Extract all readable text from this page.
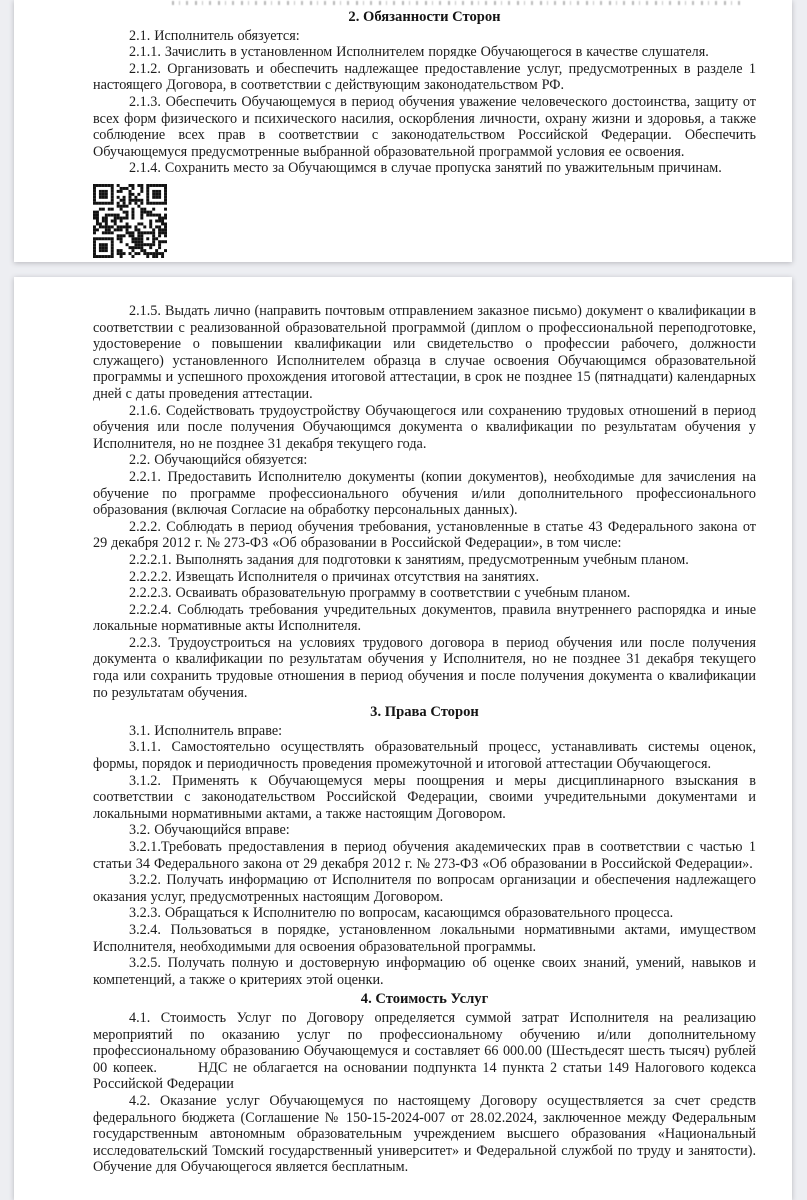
2. Обязанности Сторон

2.1. Исполнитель обязуется:

2.1.1. Зачислить в установленном Исполнителем порядке Обучающегося в качестве слушателя.

2.1.2. Организовать и обеспечить надлежащее предоставление услуг, предусмотренных в разделе 1 настоящего Договора, в соответствии с действующим законодательством РФ.

2.1.3. Обеспечить Обучающемуся в период обучения уважение человеческого достоинства, защиту от всех форм физического и психического насилия, оскорбления личности, охрану жизни и здоровья, а также соблюдение всех прав в соответствии с законодательством Российской Федерации. Обеспечить Обучающемуся предусмотренные выбранной образовательной программой условия ее освоения.

2.1.4. Сохранить место за Обучающимся в случае пропуска занятий по уважительным причинам.

2.1.5. Выдать лично (направить почтовым отправлением заказное письмо) документ о квалификации в соответствии с реализованной образовательной программой (диплом о профессиональной переподготовке, удостоверение о повышении квалификации или свидетельство о профессии рабочего, должности служащего) установленного Исполнителем образца в случае освоения Обучающимся образовательной программы и успешного прохождения итоговой аттестации, в срок не позднее 15 (пятнадцати) календарных дней с даты проведения аттестации.

2.1.6. Содействовать трудоустройству Обучающегося или сохранению трудовых отношений в период обучения или после получения Обучающимся документа о квалификации по результатам обучения у Исполнителя, но не позднее 31 декабря текущего года.

2.2. Обучающийся обязуется:

2.2.1. Предоставить Исполнителю документы (копии документов), необходимые для зачисления на обучение по программе профессионального обучения и/или дополнительного профессионального образования (включая Согласие на обработку персональных данных).

2.2.2. Соблюдать в период обучения требования, установленные в статье 43 Федерального закона от 29 декабря 2012 г. № 273-ФЗ «Об образовании в Российской Федерации», в том числе:

2.2.2.1. Выполнять задания для подготовки к занятиям, предусмотренным учебным планом.

2.2.2.2. Извещать Исполнителя о причинах отсутствия на занятиях.

2.2.2.3. Осваивать образовательную программу в соответствии с учебным планом.

2.2.2.4. Соблюдать требования учредительных документов, правила внутреннего распорядка и иные локальные нормативные акты Исполнителя.

2.2.3. Трудоустроиться на условиях трудового договора в период обучения или после получения документа о квалификации по результатам обучения у Исполнителя, но не позднее 31 декабря текущего года или сохранить трудовые отношения в период обучения и после получения документа о квалификации по результатам обучения.

3. Права Сторон

3.1. Исполнитель вправе:

3.1.1. Самостоятельно осуществлять образовательный процесс, устанавливать системы оценок, формы, порядок и периодичность проведения промежуточной и итоговой аттестации Обучающегося.

3.1.2. Применять к Обучающемуся меры поощрения и меры дисциплинарного взыскания в соответствии с законодательством Российской Федерации, своими учредительными документами и локальными нормативными актами, а также настоящим Договором.

3.2. Обучающийся вправе:

3.2.1.Требовать предоставления в период обучения академических прав в соответствии с частью 1 статьи 34 Федерального закона от 29 декабря 2012 г. № 273-ФЗ «Об образовании в Российской Федерации».

3.2.2. Получать информацию от Исполнителя по вопросам организации и обеспечения надлежащего оказания услуг, предусмотренных настоящим Договором.

3.2.3. Обращаться к Исполнителю по вопросам, касающимся образовательного процесса.

3.2.4. Пользоваться в порядке, установленном локальными нормативными актами, имуществом Исполнителя, необходимыми для освоения образовательной программы.

3.2.5. Получать полную и достоверную информацию об оценке своих знаний, умений, навыков и компетенций, а также о критериях этой оценки.

4. Стоимость Услуг

4.1. Стоимость Услуг по Договору определяется суммой затрат Исполнителя на реализацию мероприятий по оказанию услуг по профессиональному обучению и/или дополнительному профессиональному образованию Обучающемуся и составляет 66 000.00 (Шестьдесят шесть тысяч) рублей 00 копеек.       НДС не облагается на основании подпункта 14 пункта 2 статьи 149 Налогового кодекса Российской Федерации

4.2. Оказание услуг Обучающемуся по настоящему Договору осуществляется за счет средств федерального бюджета (Соглашение № 150-15-2024-007 от 28.02.2024, заключенное между Федеральным государственным автономным образовательным учреждением высшего образования «Национальный исследовательский Томский государственный университет» и Федеральной службой по труду и занятости). Обучение для Обучающегося является бесплатным.
